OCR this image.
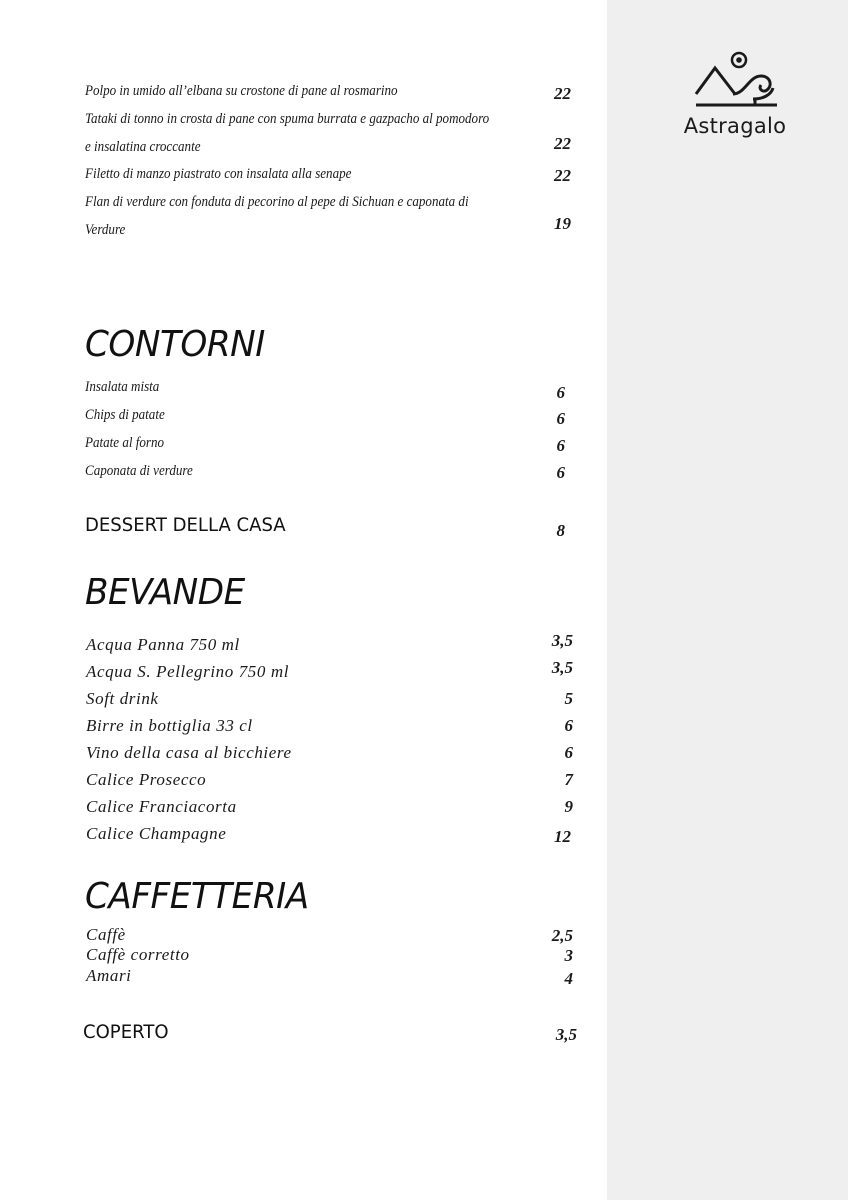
Astragalo
Polpo in umido all’elbana su crostone di pane al rosmarino	22
Tataki di tonno in crosta di pane con spuma burrata e gazpacho al pomodoro
e insalatina croccante	22
Filetto di manzo piastrato con insalata alla senape	22
Flan di verdure con fonduta di pecorino al pepe di Sichuan e caponata di
Verdure	19
CONTORNI
Insalata mista	6
Chips di patate	6
Patate al forno	6
Caponata di verdure	6
DESSERT DELLA CASA	8
BEVANDE
Acqua Panna 750 ml	3,5
Acqua S. Pellegrino 750 ml	3,5
Soft drink	5
Birre in bottiglia 33 cl	6
Vino della casa al bicchiere	6
Calice Prosecco	7
Calice Franciacorta	9
Calice Champagne	12
CAFFETTERIA
Caffè	2,5
Caffè corretto	3
Amari	4
COPERTO	3,5
